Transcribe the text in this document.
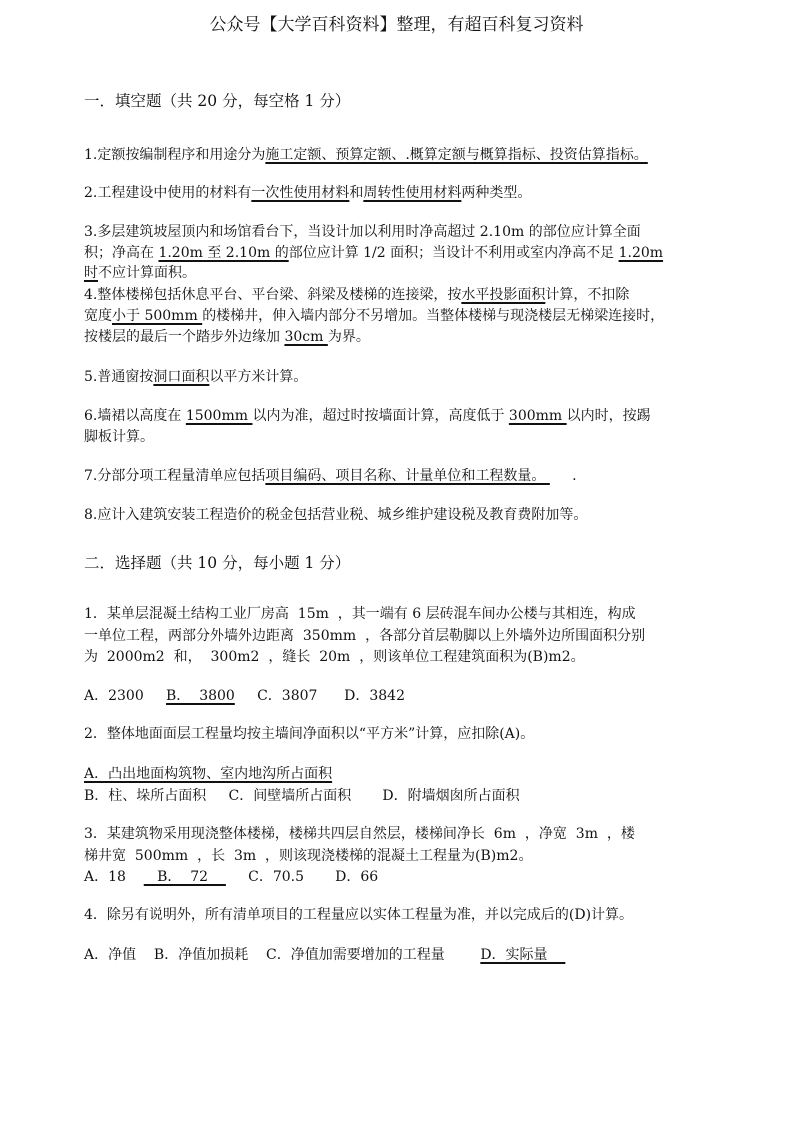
公众号【大学百科资料】整理，有超百科复习资料
一．填空题（共 20 分，每空格 1 分）
1.定额按编制程序和用途分为施工定额、预算定额、.概算定额与概算指标、投资估算指标。
2.工程建设中使用的材料有一次性使用材料和周转性使用材料两种类型。
3.多层建筑坡屋顶内和场馆看台下，当设计加以利用时净高超过 2.10m 的部位应计算全面
积；净高在 1.20m 至 2.10m 的部位应计算 1/2 面积；当设计不利用或室内净高不足 1.20m
时不应计算面积。
4.整体楼梯包括休息平台、平台梁、斜梁及楼梯的连接梁，按水平投影面积计算，不扣除
宽度小于 500mm 的楼梯井，伸入墙内部分不另增加。当整体楼梯与现浇楼层无梯梁连接时，
按楼层的最后一个踏步外边缘加 30cm 为界。
5.普通窗按洞口面积以平方米计算。
6.墙裙以高度在 1500mm 以内为准，超过时按墙面计算，高度低于 300mm 以内时，按踢
脚板计算。
7.分部分项工程量清单应包括项目编码、项目名称、计量单位和工程数量。      .
8.应计入建筑安装工程造价的税金包括营业税、城乡维护建设税及教育费附加等。
二．选择题（共 10 分，每小题 1 分）
1．某单层混凝土结构工业厂房高  15m  ，其一端有 6 层砖混车间办公楼与其相连，构成
一单位工程，两部分外墙外边距离  350mm  ，各部分首层勒脚以上外墙外边所围面积分别
为  2000m2  和，  300m2  ，缝长  20m  ，则该单位工程建筑面积为(B)m2。
A．2300     B．  3800     C．3807      D．3842
2．整体地面面层工程量均按主墙间净面积以“平方米”计算，应扣除(A)。
A．凸出地面构筑物、室内地沟所占面积
B．柱、垛所占面积     C．间壁墙所占面积       D．附墙烟囱所占面积
3．某建筑物采用现浇整体楼梯，楼梯共四层自然层，楼梯间净长  6m  ，净宽  3m  ，楼
梯井宽  500mm  ，长  3m  ，则该现浇楼梯的混凝土工程量为(B)m2。
A．18       B．  72         C．70.5       D．66
4．除另有说明外，所有清单项目的工程量应以实体工程量为准，并以完成后的(D)计算。
A．净值    B．净值加损耗    C．净值加需要增加的工程量        D．实际量
